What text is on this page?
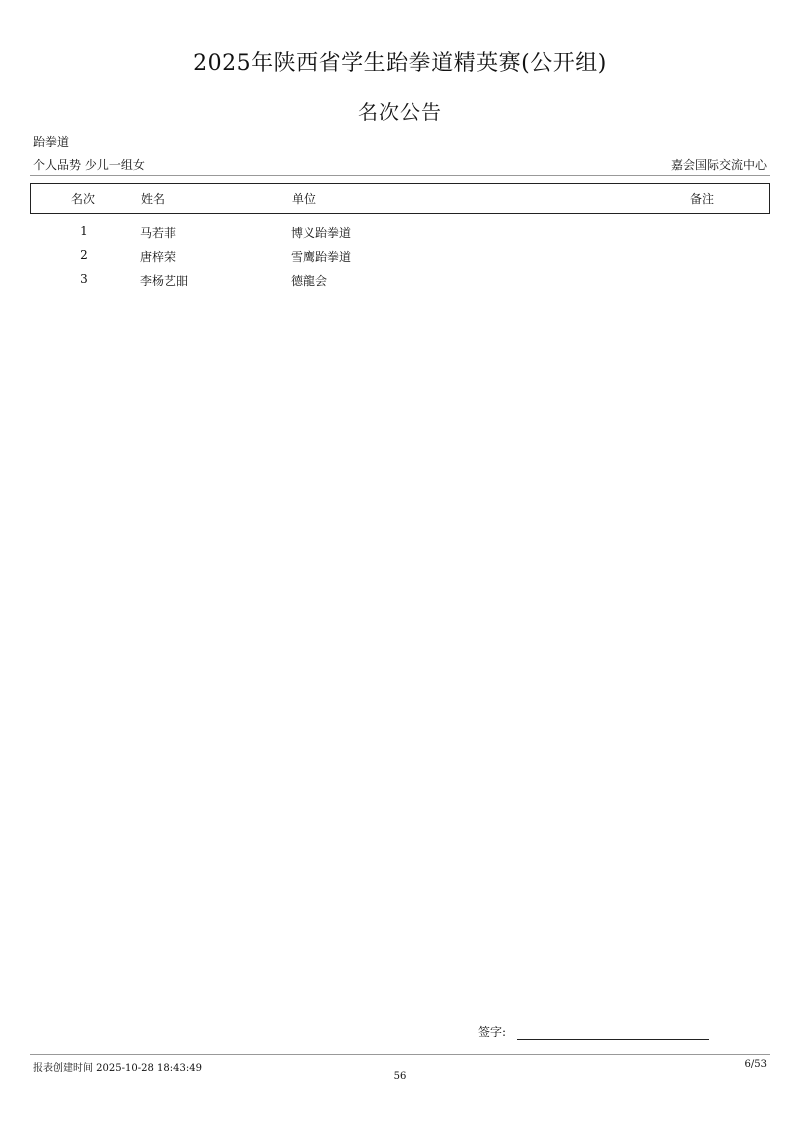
2025年陕西省学生跆拳道精英赛(公开组)
名次公告
跆拳道
个人品势 少儿一组女	嘉会国际交流中心
名次	姓名	单位	备注
1	马若菲	博义跆拳道
2	唐梓荣	雪鹰跆拳道
3	李杨艺昍	德龍会
签字:
报表创建时间 2025-10-28 18:43:49	6/53
56
